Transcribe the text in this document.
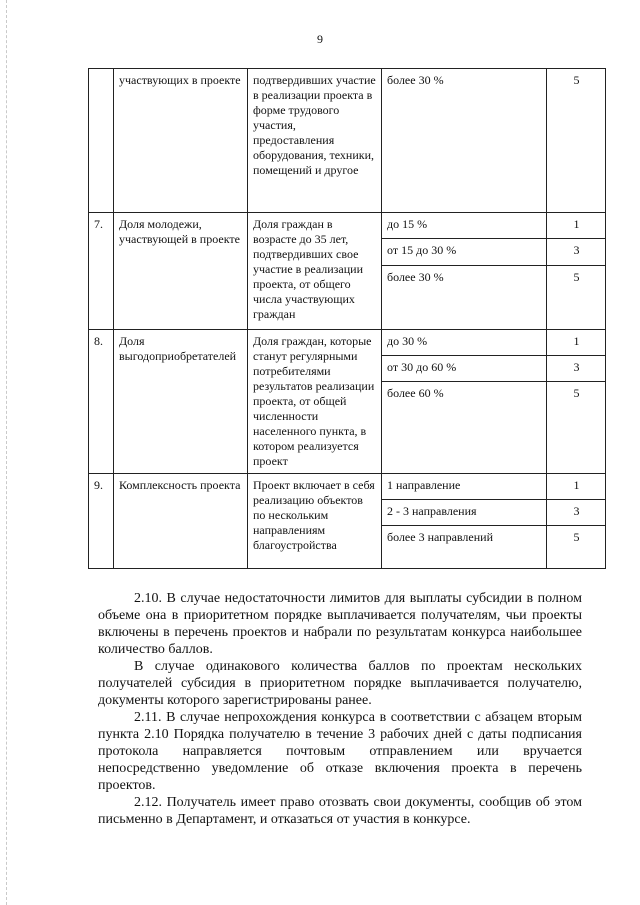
9
	участвующих в проекте	подтвердивших участие в реализации проекта в форме трудового участия, предоставления оборудования, техники, помещений и другое	более 30 %	5
7.	Доля молодежи, участвующей в проекте	Доля граждан в возрасте до 35 лет, подтвердивших свое участие в реализации проекта, от общего числа участвующих граждан	до 15 %	1
			от 15 до 30 %	3
			более 30 %	5
8.	Доля выгодоприобретателей	Доля граждан, которые станут регулярными потребителями результатов реализации проекта, от общей численности населенного пункта, в котором реализуется проект	до 30 %	1
			от 30 до 60 %	3
			более 60 %	5
9.	Комплексность проекта	Проект включает в себя реализацию объектов по нескольким направлениям благоустройства	1 направление	1
			2 - 3 направления	3
			более 3 направлений	5

2.10. В случае недостаточности лимитов для выплаты субсидии в полном объеме она в приоритетном порядке выплачивается получателям, чьи проекты включены в перечень проектов и набрали по результатам конкурса наибольшее количество баллов.

В случае одинакового количества баллов по проектам нескольких получателей субсидия в приоритетном порядке выплачивается получателю, документы которого зарегистрированы ранее.

2.11. В случае непрохождения конкурса в соответствии с абзацем вторым пункта 2.10 Порядка получателю в течение 3 рабочих дней с даты подписания протокола направляется почтовым отправлением или вручается непосредственно уведомление об отказе включения проекта в перечень проектов.

2.12. Получатель имеет право отозвать свои документы, сообщив об этом письменно в Департамент, и отказаться от участия в конкурсе.
